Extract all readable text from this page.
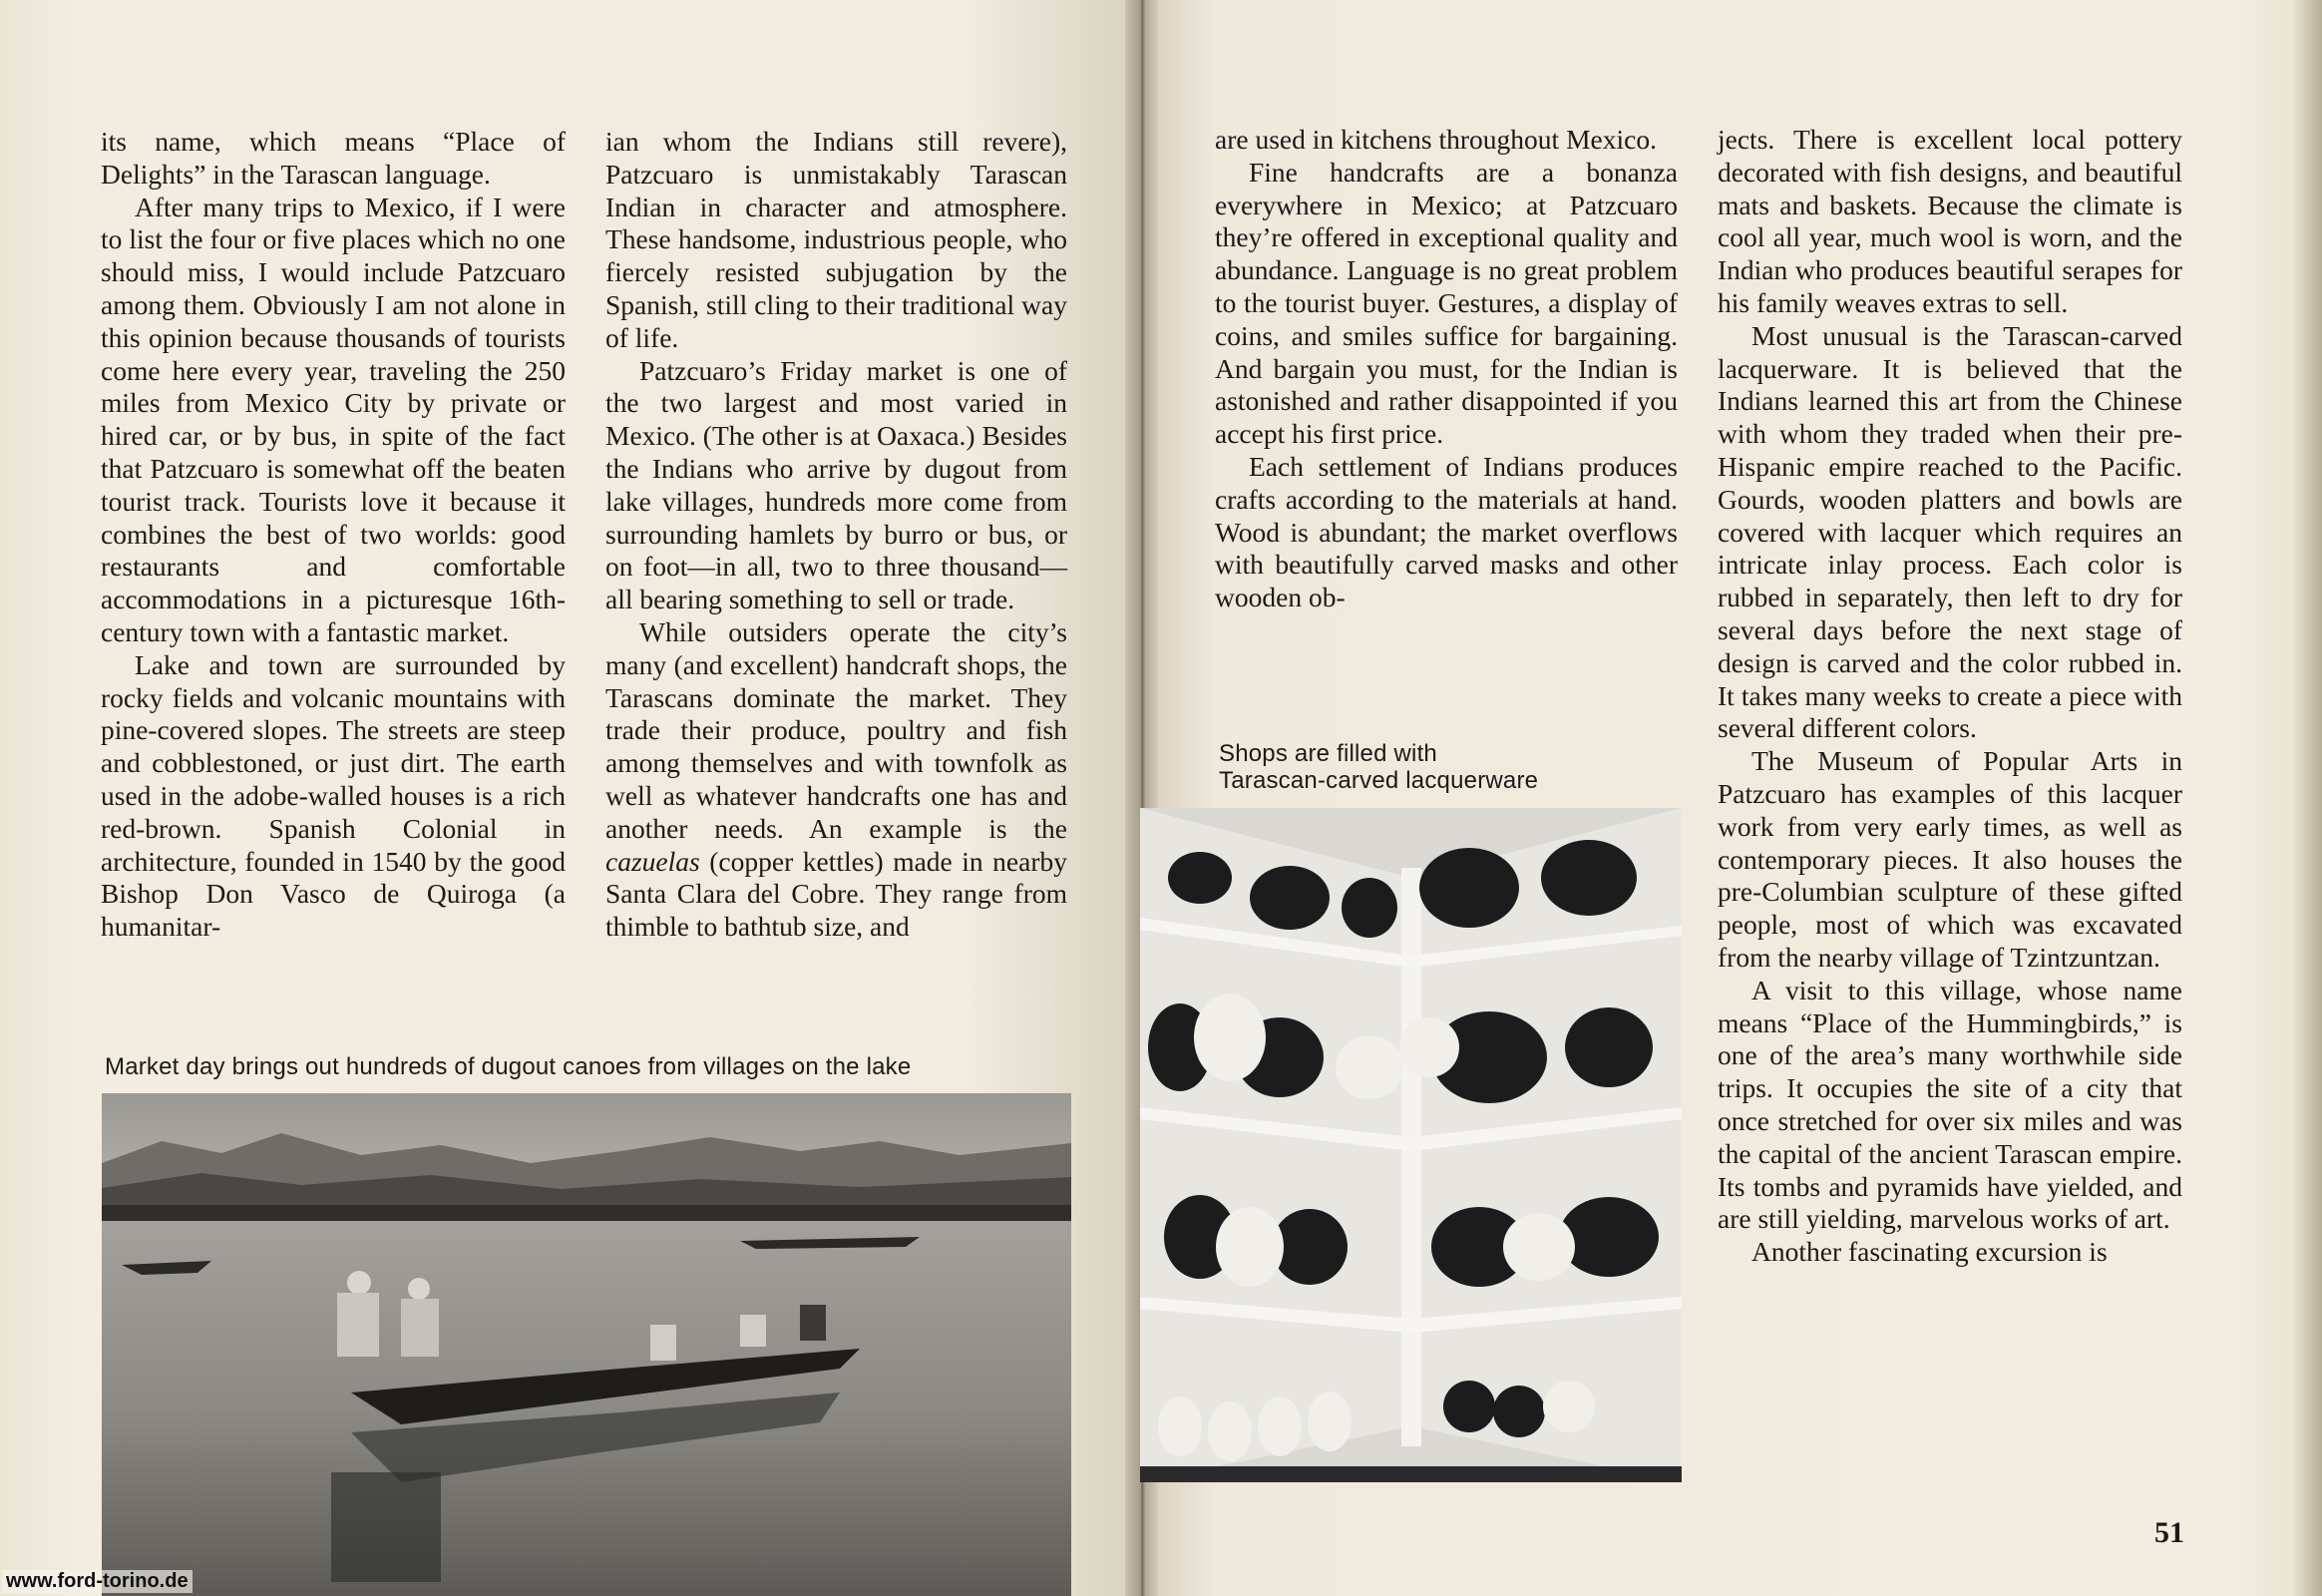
its name, which means “Place of Delights” in the Tarascan language.

After many trips to Mexico, if I were to list the four or five places which no one should miss, I would include Patzcuaro among them. Obviously I am not alone in this opinion because thousands of tourists come here every year, traveling the 250 miles from Mexico City by private or hired car, or by bus, in spite of the fact that Patzcuaro is somewhat off the beaten tourist track. Tourists love it because it combines the best of two worlds: good restaurants and comfortable accommodations in a picturesque 16th-century town with a fantastic market.

Lake and town are surrounded by rocky fields and volcanic mountains with pine-covered slopes. The streets are steep and cobblestoned, or just dirt. The earth used in the adobe-walled houses is a rich red-brown. Spanish Colonial in architecture, founded in 1540 by the good Bishop Don Vasco de Quiroga (a humanitar-

ian whom the Indians still revere), Patzcuaro is unmistakably Tarascan Indian in character and atmosphere. These handsome, industrious people, who fiercely resisted subjugation by the Spanish, still cling to their traditional way of life.

Patzcuaro’s Friday market is one of the two largest and most varied in Mexico. (The other is at Oaxaca.) Besides the Indians who arrive by dugout from lake villages, hundreds more come from surrounding hamlets by burro or bus, or on foot—in all, two to three thousand—all bearing something to sell or trade.

While outsiders operate the city’s many (and excellent) handcraft shops, the Tarascans dominate the market. They trade their produce, poultry and fish among themselves and with townfolk as well as whatever handcrafts one has and another needs. An example is the cazuelas (copper kettles) made in nearby Santa Clara del Cobre. They range from thimble to bathtub size, and

Market day brings out hundreds of dugout canoes from villages on the lake

are used in kitchens throughout Mexico.

Fine handcrafts are a bonanza everywhere in Mexico; at Patzcuaro they’re offered in exceptional quality and abundance. Language is no great problem to the tourist buyer. Gestures, a display of coins, and smiles suffice for bargaining. And bargain you must, for the Indian is astonished and rather disappointed if you accept his first price.

Each settlement of Indians produces crafts according to the materials at hand. Wood is abundant; the market overflows with beautifully carved masks and other wooden ob-

Shops are filled with
Tarascan-carved lacquerware

jects. There is excellent local pottery decorated with fish designs, and beautiful mats and baskets. Because the climate is cool all year, much wool is worn, and the Indian who produces beautiful serapes for his family weaves extras to sell.

Most unusual is the Tarascan-carved lacquerware. It is believed that the Indians learned this art from the Chinese with whom they traded when their pre-Hispanic empire reached to the Pacific. Gourds, wooden platters and bowls are covered with lacquer which requires an intricate inlay process. Each color is rubbed in separately, then left to dry for several days before the next stage of design is carved and the color rubbed in. It takes many weeks to create a piece with several different colors.

The Museum of Popular Arts in Patzcuaro has examples of this lacquer work from very early times, as well as contemporary pieces. It also houses the pre-Columbian sculpture of these gifted people, most of which was excavated from the nearby village of Tzintzuntzan.

A visit to this village, whose name means “Place of the Hummingbirds,” is one of the area’s many worthwhile side trips. It occupies the site of a city that once stretched for over six miles and was the capital of the ancient Tarascan empire. Its tombs and pyramids have yielded, and are still yielding, marvelous works of art.

Another fascinating excursion is

51
www.ford-torino.de
